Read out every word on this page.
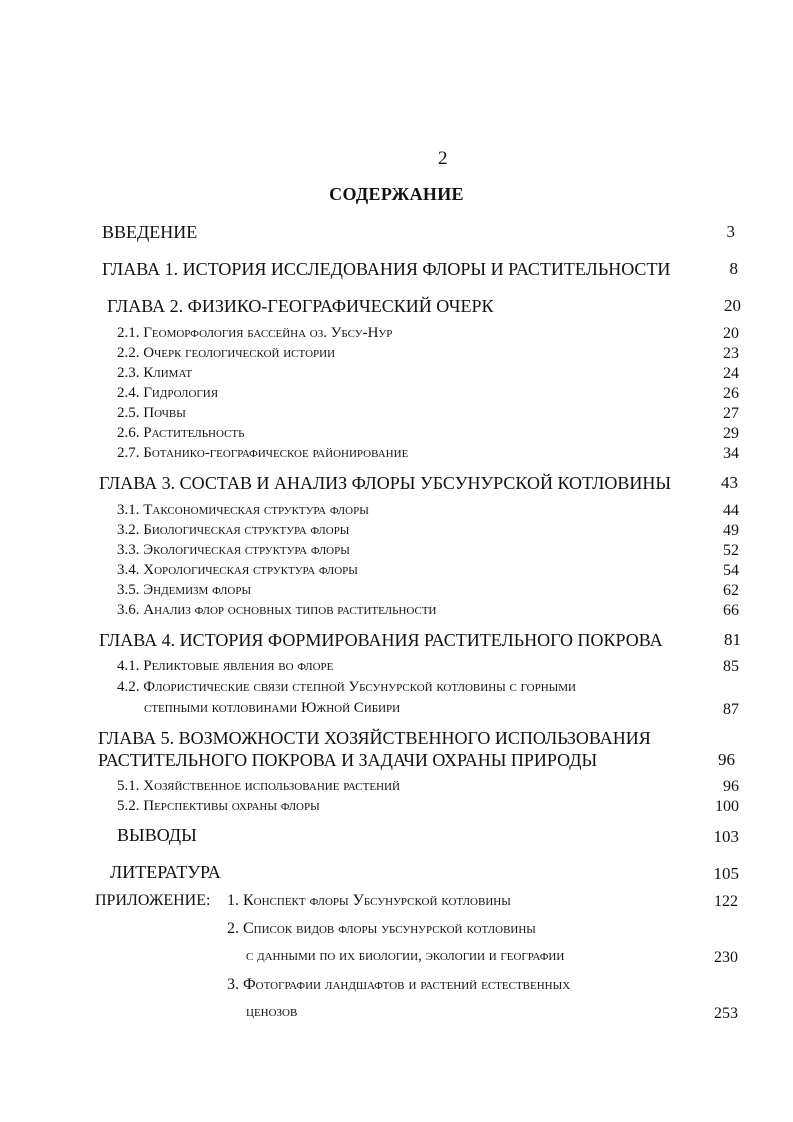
2
СОДЕРЖАНИЕ
ВВЕДЕНИЕ	3
ГЛАВА 1. ИСТОРИЯ ИССЛЕДОВАНИЯ ФЛОРЫ И РАСТИТЕЛЬНОСТИ	8
ГЛАВА 2. ФИЗИКО-ГЕОГРАФИЧЕСКИЙ ОЧЕРК	20
2.1. Геоморфология бассейна оз. Убсу-Нур	20
2.2. Очерк геологической истории	23
2.3. Климат	24
2.4. Гидрология	26
2.5. Почвы	27
2.6. Растительность	29
2.7. Ботанико-географическое районирование	34
ГЛАВА 3. СОСТАВ И АНАЛИЗ ФЛОРЫ УБСУНУРСКОЙ КОТЛОВИНЫ	43
3.1. Таксономическая структура флоры	44
3.2. Биологическая структура флоры	49
3.3. Экологическая структура флоры	52
3.4. Хорологическая структура флоры	54
3.5. Эндемизм флоры	62
3.6. Анализ флор основных типов растительности	66
ГЛАВА 4. ИСТОРИЯ ФОРМИРОВАНИЯ РАСТИТЕЛЬНОГО ПОКРОВА	81
4.1. Реликтовые явления во флоре	85
4.2. Флористические связи степной Убсунурской котловины с горными
степными котловинами Южной Сибири	87
ГЛАВА 5. ВОЗМОЖНОСТИ ХОЗЯЙСТВЕННОГО ИСПОЛЬЗОВАНИЯ
РАСТИТЕЛЬНОГО ПОКРОВА И ЗАДАЧИ ОХРАНЫ ПРИРОДЫ	96
5.1. Хозяйственное использование растений	96
5.2. Перспективы охраны флоры	100
ВЫВОДЫ	103
ЛИТЕРАТУРА	105
ПРИЛОЖЕНИЕ: 1. Конспект флоры Убсунурской котловины	122
2. Список видов флоры убсунурской котловины
с данными по их биологии, экологии и географии	230
3. Фотографии ландшафтов и растений естественных
ценозов	253
